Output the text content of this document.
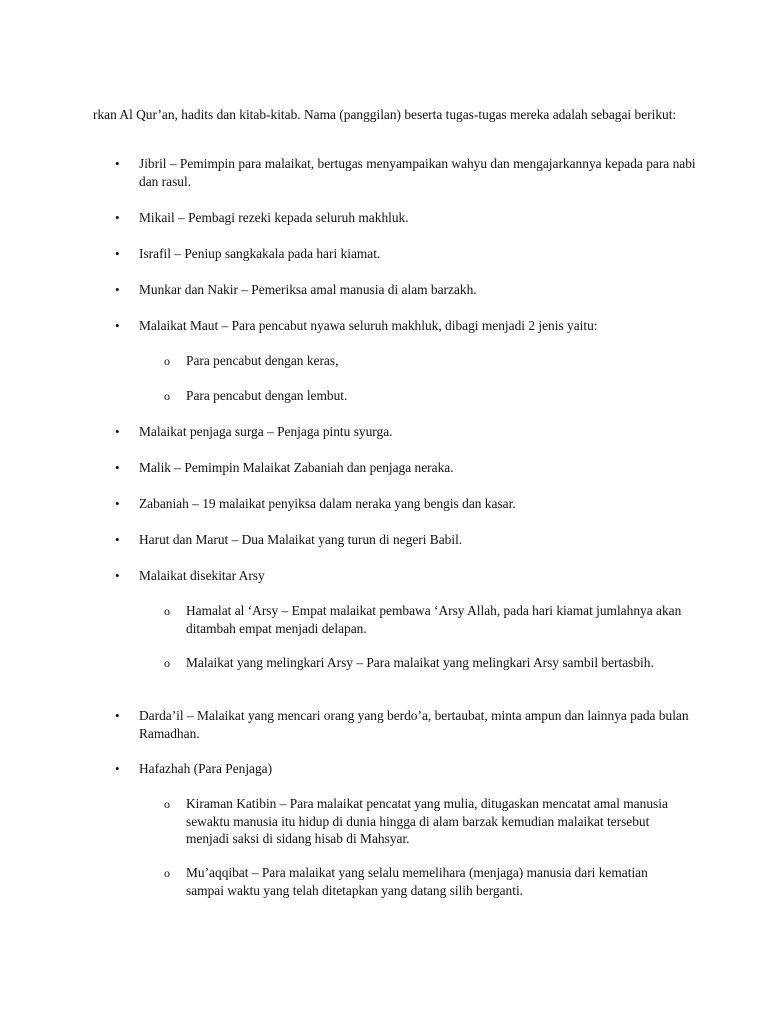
rkan Al Qur’an, hadits dan kitab-kitab. Nama (panggilan) beserta tugas-tugas mereka adalah sebagai berikut:

• Jibril – Pemimpin para malaikat, bertugas menyampaikan wahyu dan mengajarkannya kepada para nabi dan rasul.
• Mikail – Pembagi rezeki kepada seluruh makhluk.
• Israfil – Peniup sangkakala pada hari kiamat.
• Munkar dan Nakir – Pemeriksa amal manusia di alam barzakh.
• Malaikat Maut – Para pencabut nyawa seluruh makhluk, dibagi menjadi 2 jenis yaitu:
o Para pencabut dengan keras,
o Para pencabut dengan lembut.
• Malaikat penjaga surga – Penjaga pintu syurga.
• Malik – Pemimpin Malaikat Zabaniah dan penjaga neraka.
• Zabaniah – 19 malaikat penyiksa dalam neraka yang bengis dan kasar.
• Harut dan Marut – Dua Malaikat yang turun di negeri Babil.
• Malaikat disekitar Arsy
o Hamalat al ‘Arsy – Empat malaikat pembawa ‘Arsy Allah, pada hari kiamat jumlahnya akan ditambah empat menjadi delapan.
o Malaikat yang melingkari Arsy – Para malaikat yang melingkari Arsy sambil bertasbih.
• Darda’il – Malaikat yang mencari orang yang berdo’a, bertaubat, minta ampun dan lainnya pada bulan Ramadhan.
• Hafazhah (Para Penjaga)
o Kiraman Katibin – Para malaikat pencatat yang mulia, ditugaskan mencatat amal manusia sewaktu manusia itu hidup di dunia hingga di alam barzak kemudian malaikat tersebut menjadi saksi di sidang hisab di Mahsyar.
o Mu’aqqibat – Para malaikat yang selalu memelihara (menjaga) manusia dari kematian sampai waktu yang telah ditetapkan yang datang silih berganti.
